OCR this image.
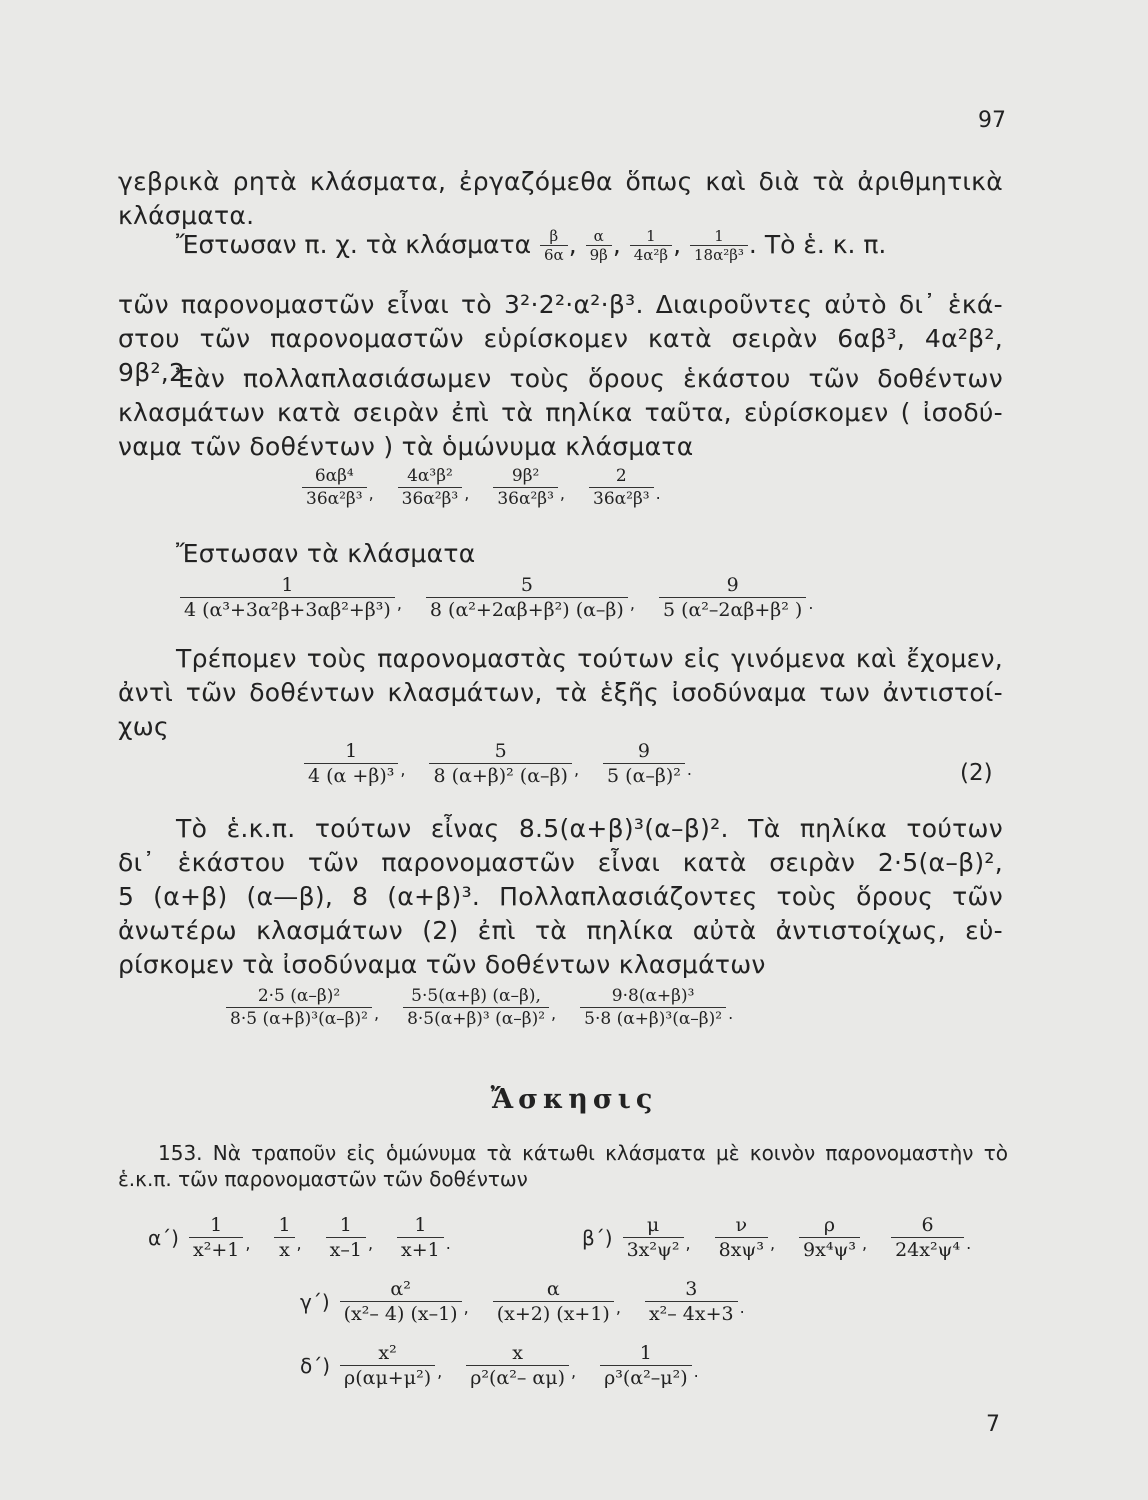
97
γεβρικὰ ρητὰ κλάσματα, ἐργαζόμεθα ὅπως καὶ διὰ τὰ ἀριθμητικὰ
κλάσματα.
Ἔστωσαν π. χ. τὰ κλάσματα $\frac{\beta}{6\alpha}$ , $\frac{\alpha}{9\beta}$ , $\frac{1}{\text{4α²β}}$ , $\frac{1}{\text{18α²β³}}$ . Τὸ ἑ. κ. π.
τῶν παρονομαστῶν εἶναι τὸ 3²·2²·α²·β³. Διαιροῦντες αὐτὸ δι᾽ ἑκά-
στου τῶν παρονομαστῶν εὑρίσκομεν κατὰ σειρὰν 6αβ³, 4α²β², 9β²,2.
Ἐὰν πολλαπλασιάσωμεν τοὺς ὅρους ἑκάστου τῶν δοθέντων
κλασμάτων κατὰ σειρὰν ἐπὶ τὰ πηλίκα ταῦτα, εὑρίσκομεν ( ἰσοδύ-
ναμα τῶν δοθέντων ) τὰ ὁμώνυμα κλάσματα
$\frac{\text{6αβ⁴}}{\text{36α²β³}}$ , $\frac{\text{4α³β²}}{\text{36α²β³}}$ , $\frac{\text{9β²}}{\text{36α²β³}}$ , $\frac{2}{\text{36α²β³}}$ .
Ἔστωσαν τὰ κλάσματα
$\frac{1}{\text{4 (α³+3α²β+3αβ²+β³)}}$ , $\frac{5}{\text{8 (α²+2αβ+β²) (α–β)}}$ , $\frac{9}{\text{5 (α²–2αβ+β² )}}$ .
Τρέπομεν τοὺς παρονομαστὰς τούτων εἰς γινόμενα καὶ ἔχομεν,
ἀντὶ τῶν δοθέντων κλασμάτων, τὰ ἑξῆς ἰσοδύναμα των ἀντιστοί-
χως
$\frac{1}{\text{4 (α +β)³}}$ , $\frac{5}{\text{8 (α+β)² (α–β)}}$ , $\frac{9}{\text{5 (α–β)²}}$ .	(2)
Τὸ ἑ.κ.π. τούτων εἶνας 8.5(α+β)³(α–β)². Τὰ πηλίκα τούτων
δι᾽ ἑκάστου τῶν παρονομαστῶν εἶναι κατὰ σειρὰν 2·5(α–β)²,
5 (α+β) (α—β), 8 (α+β)³. Πολλαπλασιάζοντες τοὺς ὅρους τῶν
ἀνωτέρω κλασμάτων (2) ἐπὶ τὰ πηλίκα αὐτὰ ἀντιστοίχως, εὑ-
ρίσκομεν τὰ ἰσοδύναμα τῶν δοθέντων κλασμάτων
$\frac{\text{2·5 (α–β)²}}{\text{8·5 (α+β)³(α–β)²}}$ , $\frac{5\cdot 5(\alpha+\beta) (\alpha-\beta),}{\text{8·5(α+β)³ (α–β)²}}$ , $\frac{\text{9·8(α+β)³}}{\text{5·8 (α+β)³(α–β)²}}$ .
Ἄσκησις
153. Νὰ τραποῦν εἰς ὁμώνυμα τὰ κάτωθι κλάσματα μὲ κοινὸν παρονομαστὴν τὸ ἑ.κ.π. τῶν παρονομαστῶν τῶν δοθέντων
$\alpha΄) \frac{1}{\text{x²+1}}$ , $\frac{1}{x}$ , $\frac{1}{x-1}$ , $\frac{1}{x+1}$ .	$\beta΄) \frac{\mu}{\text{3x²ψ²}}$ , $\frac{\nu}{\text{8xψ³}}$ , $\frac{\rho}{\text{9x⁴ψ³}}$ , $\frac{6}{\text{24x²ψ⁴}}$ .
$\gamma΄) \frac{\text{α²}}{\text{(x²– 4) (x–1)}}$ , $\frac{\alpha}{(x+2) (x+1)}$ , $\frac{3}{\text{x²– 4x+3}}$ .
$\delta΄) \frac{\text{x²}}{\text{ρ(αμ+μ²)}}$ , $\frac{x}{\text{ρ²(α²– αμ)}}$ , $\frac{1}{\text{ρ³(α²–μ²)}}$ .
7
